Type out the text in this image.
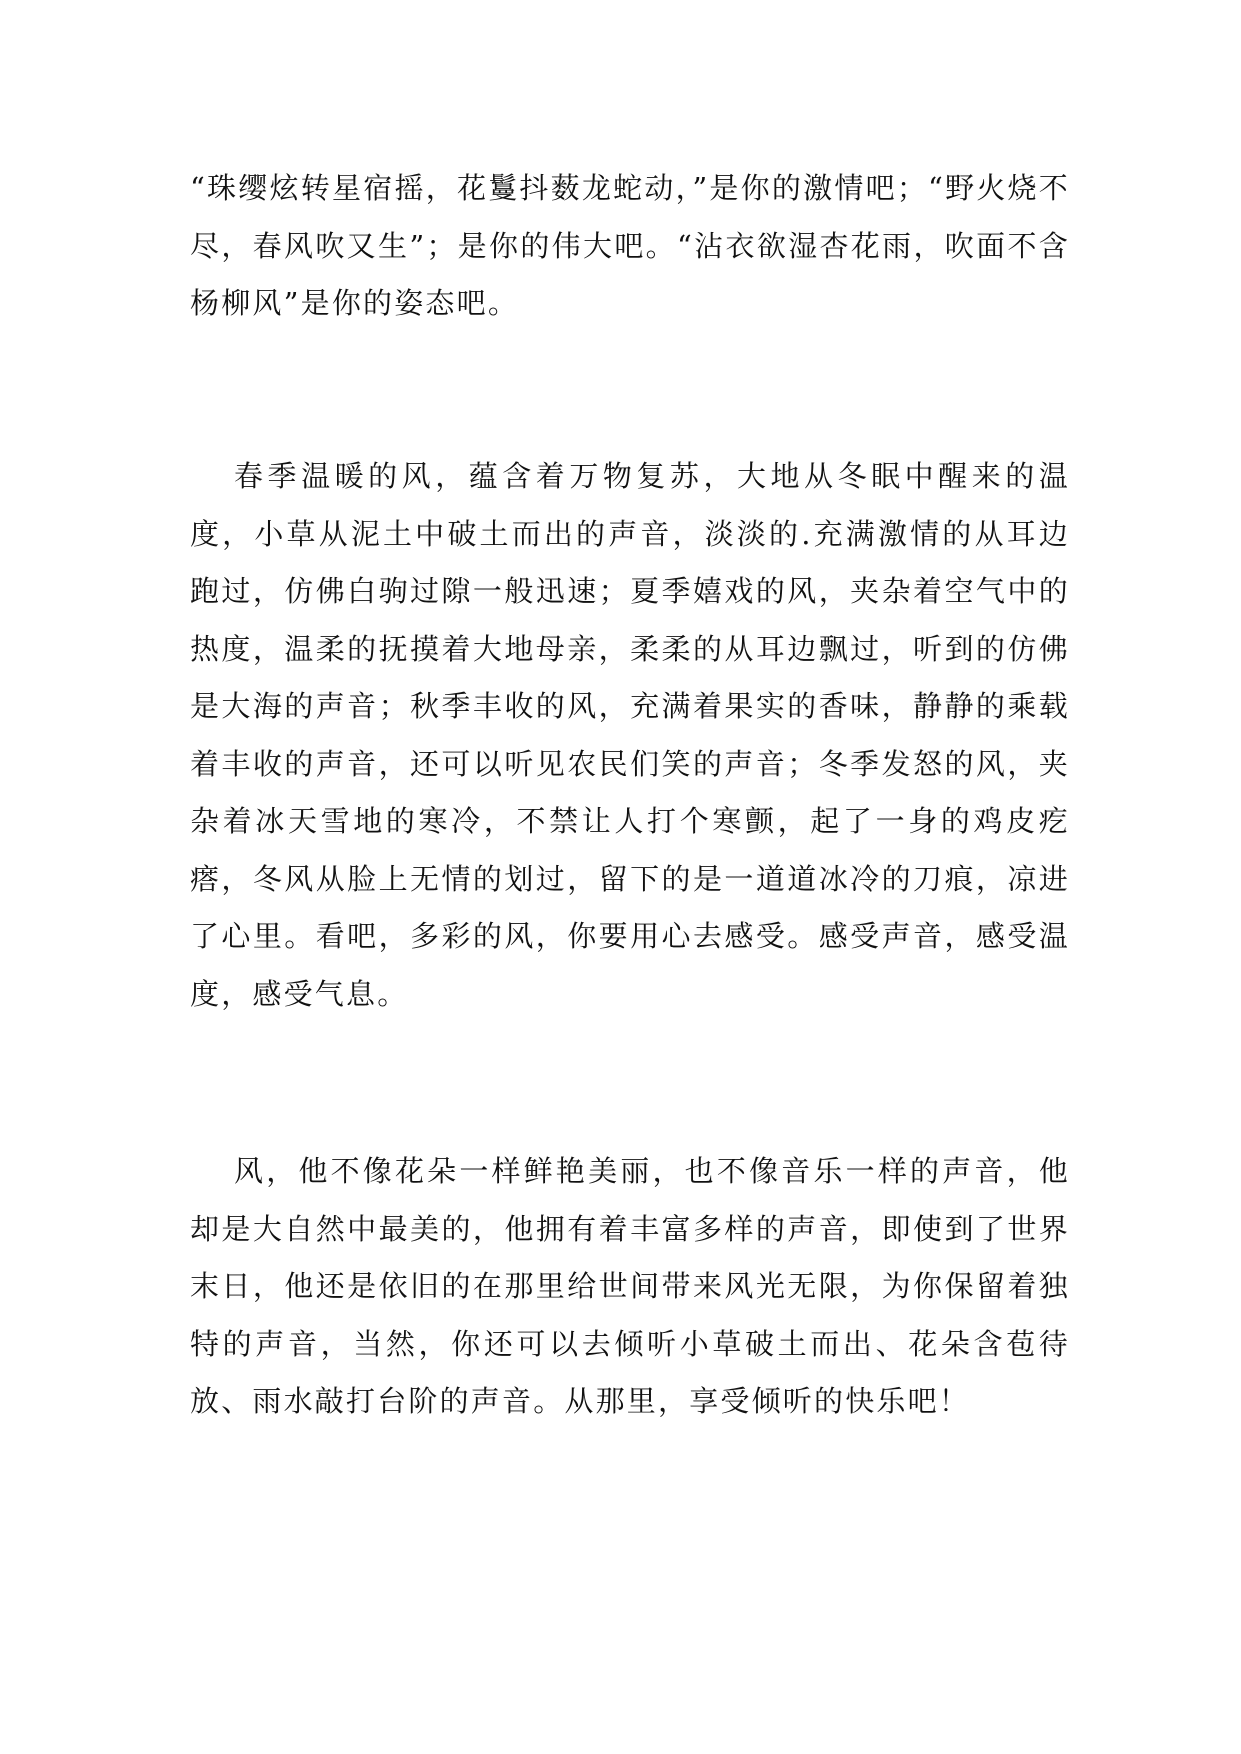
“珠缨炫转星宿摇，花鬘抖薮龙蛇动，”是你的激情吧；“野火烧不尽，春风吹又生”；是你的伟大吧。“沾衣欲湿杏花雨，吹面不含杨柳风”是你的姿态吧。

春季温暖的风，蕴含着万物复苏，大地从冬眠中醒来的温度，小草从泥土中破土而出的声音，淡淡的.充满激情的从耳边跑过，仿佛白驹过隙一般迅速；夏季嬉戏的风，夹杂着空气中的热度，温柔的抚摸着大地母亲，柔柔的从耳边飘过，听到的仿佛是大海的声音；秋季丰收的风，充满着果实的香味，静静的乘载着丰收的声音，还可以听见农民们笑的声音；冬季发怒的风，夹杂着冰天雪地的寒冷，不禁让人打个寒颤，起了一身的鸡皮疙瘩，冬风从脸上无情的划过，留下的是一道道冰冷的刀痕，凉进了心里。看吧，多彩的风，你要用心去感受。感受声音，感受温度，感受气息。

风，他不像花朵一样鲜艳美丽，也不像音乐一样的声音，他却是大自然中最美的，他拥有着丰富多样的声音，即使到了世界末日，他还是依旧的在那里给世间带来风光无限，为你保留着独特的声音，当然，你还可以去倾听小草破土而出、花朵含苞待放、雨水敲打台阶的声音。从那里，享受倾听的快乐吧！
